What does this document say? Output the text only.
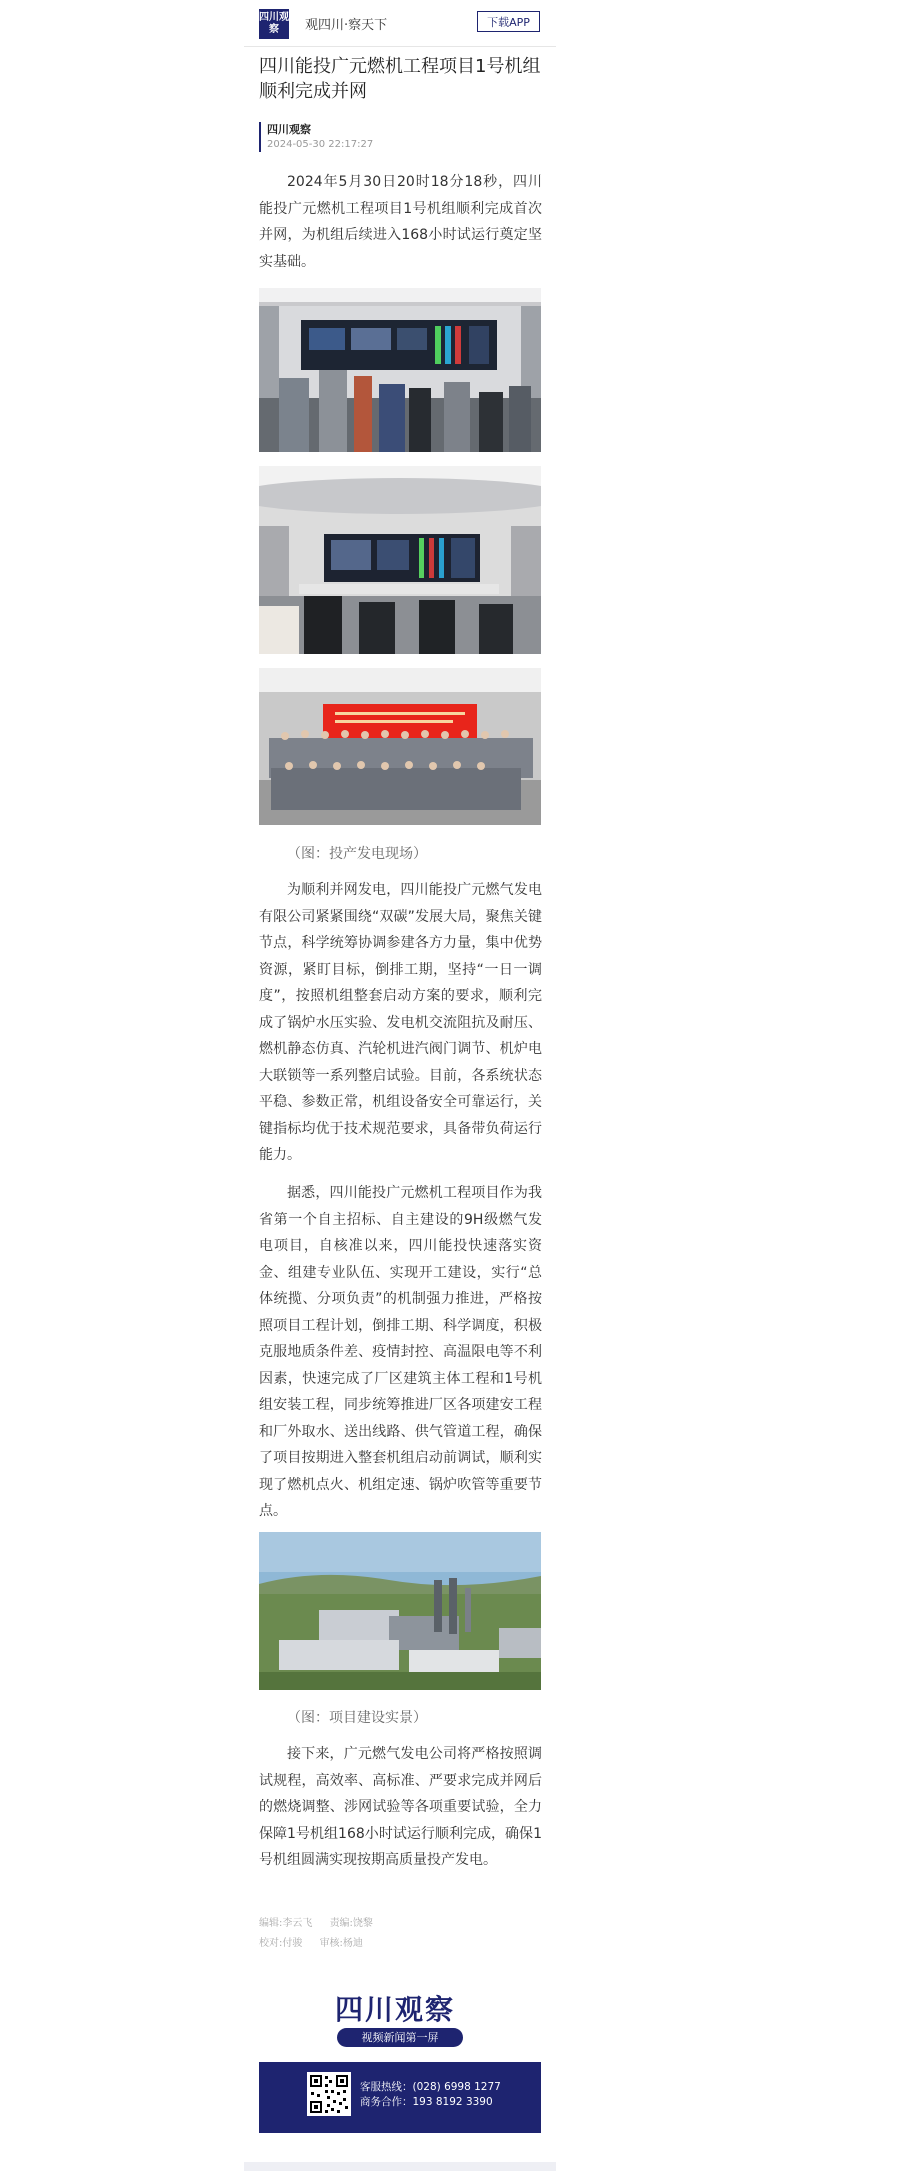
四川观察	观四川·察天下	下载APP
四川能投广元燃机工程项目1号机组顺利完成并网
四川观察
2024-05-30 22:17:27

2024年5月30日20时18分18秒，四川能投广元燃机工程项目1号机组顺利完成首次并网，为机组后续进入168小时试运行奠定坚实基础。

（图：投产发电现场）

为顺利并网发电，四川能投广元燃气发电有限公司紧紧围绕“双碳”发展大局，聚焦关键节点，科学统筹协调参建各方力量，集中优势资源，紧盯目标，倒排工期，坚持“一日一调度”，按照机组整套启动方案的要求，顺利完成了锅炉水压实验、发电机交流阻抗及耐压、燃机静态仿真、汽轮机进汽阀门调节、机炉电大联锁等一系列整启试验。目前，各系统状态平稳、参数正常，机组设备安全可靠运行，关键指标均优于技术规范要求，具备带负荷运行能力。

据悉，四川能投广元燃机工程项目作为我省第一个自主招标、自主建设的9H级燃气发电项目，自核准以来，四川能投快速落实资金、组建专业队伍、实现开工建设，实行“总体统揽、分项负责”的机制强力推进，严格按照项目工程计划，倒排工期、科学调度，积极克服地质条件差、疫情封控、高温限电等不利因素，快速完成了厂区建筑主体工程和1号机组安装工程，同步统筹推进厂区各项建安工程和厂外取水、送出线路、供气管道工程，确保了项目按期进入整套机组启动前调试，顺利实现了燃机点火、机组定速、锅炉吹管等重要节点。

（图：项目建设实景）

接下来，广元燃气发电公司将严格按照调试规程，高效率、高标准、严要求完成并网后的燃烧调整、涉网试验等各项重要试验，全力保障1号机组168小时试运行顺利完成，确保1号机组圆满实现按期高质量投产发电。

编辑:李云飞 责编:饶黎
校对:付骏 审核:杨迪
四川观察
视频新闻第一屏
客服热线：(028) 6998 1277
商务合作：193 8192 3390
